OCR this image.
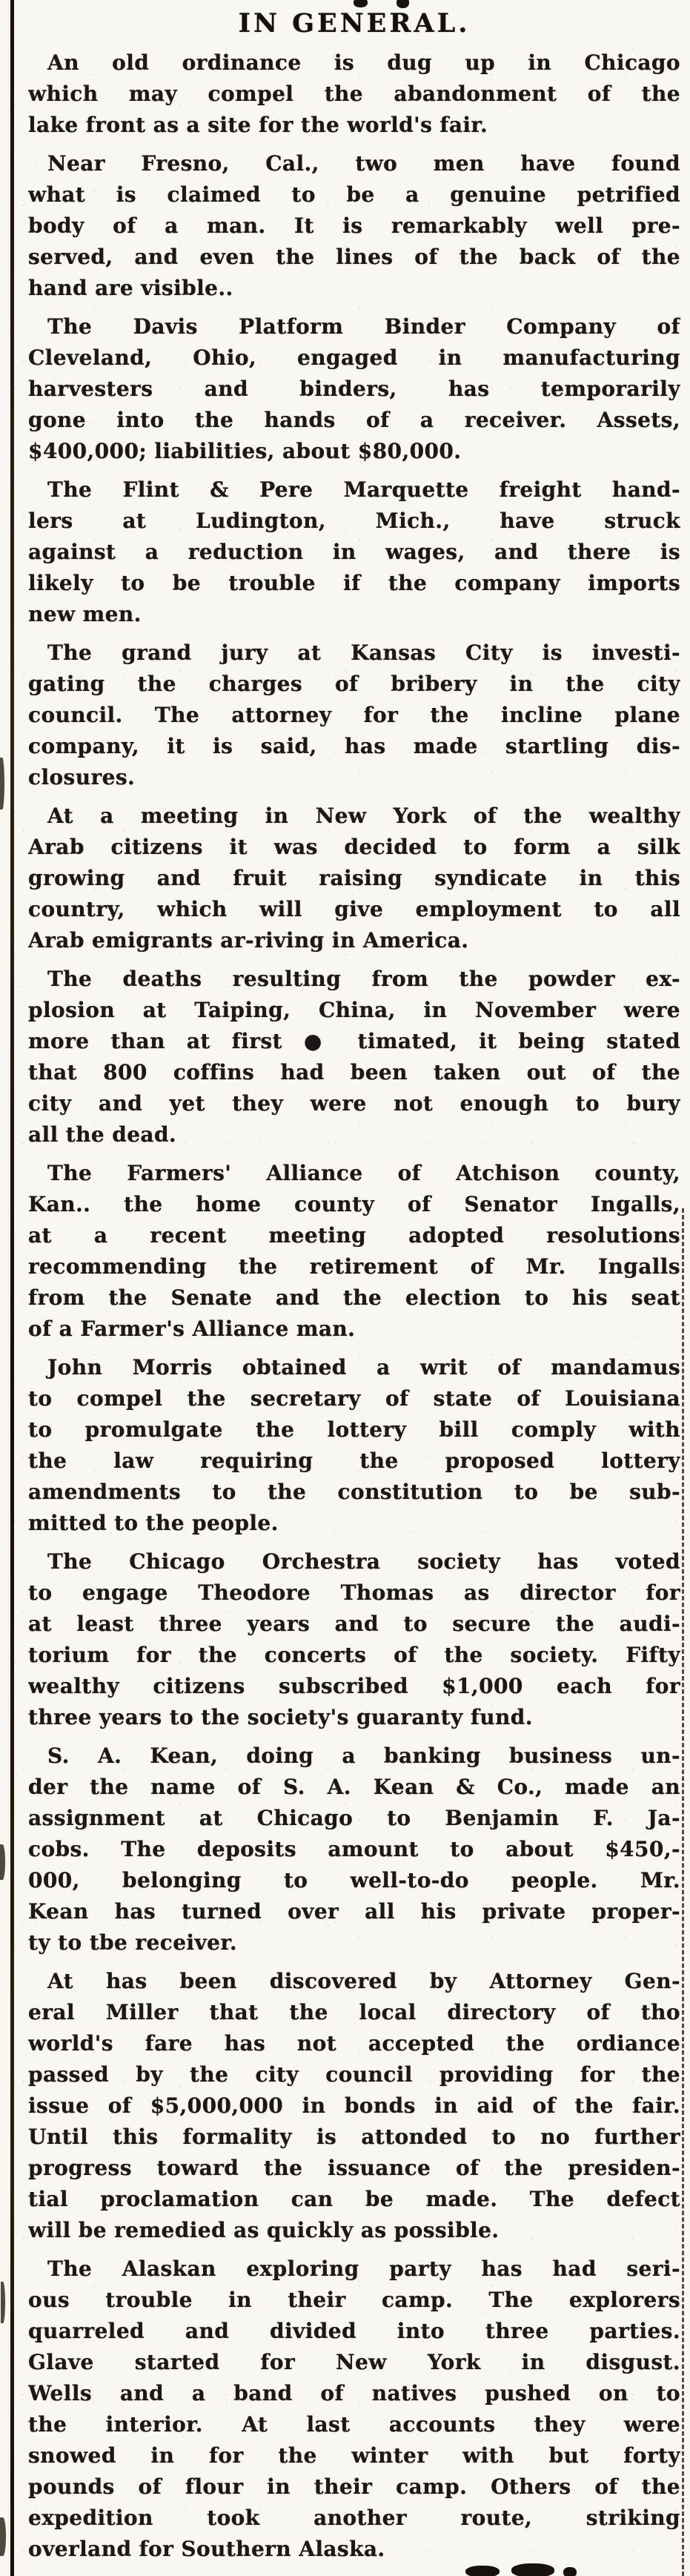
IN GENERAL.

An old ordinance is dug up in Chicago
which may compel the abandonment of the
lake front as a site for the world's fair.

Near Fresno, Cal., two men have found
what is claimed to be a genuine petrified
body of a man. It is remarkably well pre-
served, and even the lines of the back of the
hand are visible..

The Davis Platform Binder Company of
Cleveland, Ohio, engaged in manufacturing
harvesters and binders, has temporarily
gone into the hands of a receiver. Assets,
$400,000; liabilities, about $80,000.

The Flint & Pere Marquette freight hand-
lers at Ludington, Mich., have struck
against a reduction in wages, and there is
likely to be trouble if the company imports
new men.

The grand jury at Kansas City is investi-
gating the charges of bribery in the city
council. The attorney for the incline plane
company, it is said, has made startling dis-
closures.

At a meeting in New York of the wealthy
Arab citizens it was decided to form a silk
growing and fruit raising syndicate in this
country, which will give employment to all
Arab emigrants ar-riving in America.

The deaths resulting from the powder ex-
plosion at Taiping, China, in November were
more than at first ● timated, it being stated
that 800 coffins had been taken out of the
city and yet they were not enough to bury
all the dead.

The Farmers' Alliance of Atchison county,
Kan.. the home county of Senator Ingalls,
at a recent meeting adopted resolutions
recommending the retirement of Mr. Ingalls
from the Senate and the election to his seat
of a Farmer's Alliance man.

John Morris obtained a writ of mandamus
to compel the secretary of state of Louisiana
to promulgate the lottery bill comply with
the law requiring the proposed lottery
amendments to the constitution to be sub-
mitted to the people.

The Chicago Orchestra society has voted
to engage Theodore Thomas as director for
at least three years and to secure the audi-
torium for the concerts of the society. Fifty
wealthy citizens subscribed $1,000 each for
three years to the society's guaranty fund.

S. A. Kean, doing a banking business un-
der the name of S. A. Kean & Co., made an
assignment at Chicago to Benjamin F. Ja-
cobs. The deposits amount to about $450,-
000, belonging to well-to-do people. Mr.
Kean has turned over all his private proper-
ty to tbe receiver.

At has been discovered by Attorney Gen-
eral Miller that the local directory of tho
world's fare has not accepted the ordiance
passed by the city council providing for the
issue of $5,000,000 in bonds in aid of the fair.
Until this formality is attonded to no further
progress toward the issuance of the presiden-
tial proclamation can be made. The defect
will be remedied as quickly as possible.

The Alaskan exploring party has had seri-
ous trouble in their camp. The explorers
quarreled and divided into three parties.
Glave started for New York in disgust.
Wells and a band of natives pushed on to
the interior. At last accounts they were
snowed in for the winter with but forty
pounds of flour in their camp. Others of the
expedition took another route, striking
overland for Southern Alaska.
